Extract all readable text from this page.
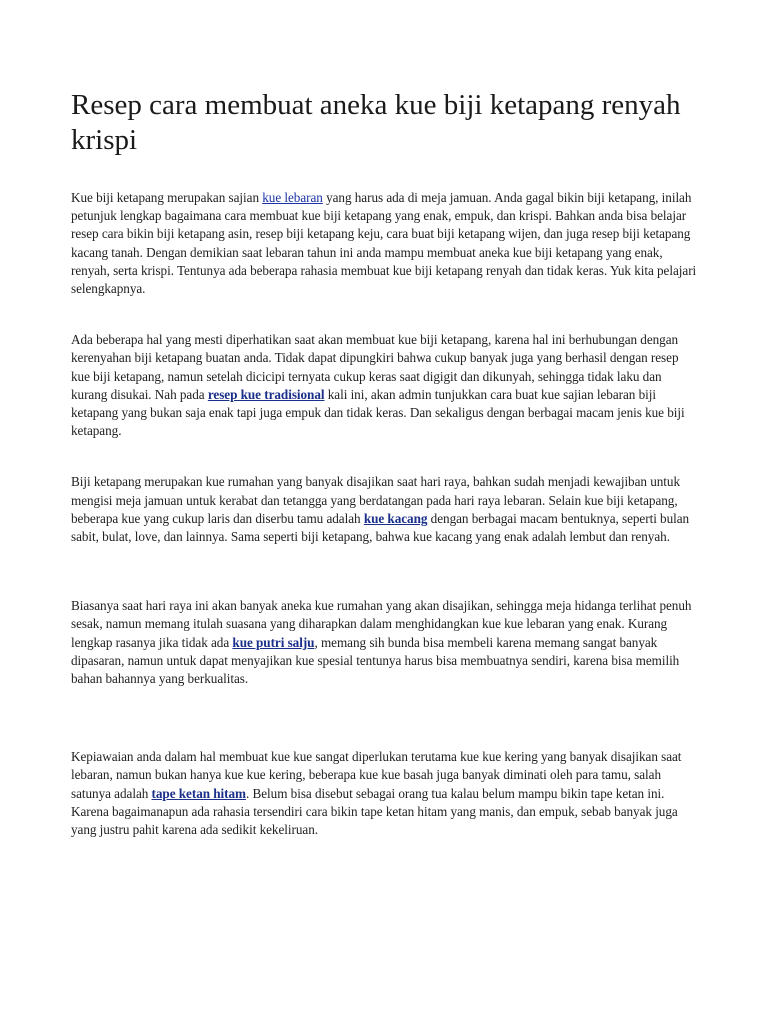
Resep cara membuat aneka kue biji ketapang renyah krispi

Kue biji ketapang merupakan sajian kue lebaran yang harus ada di meja jamuan. Anda gagal bikin biji ketapang, inilah petunjuk lengkap bagaimana cara membuat kue biji ketapang yang enak, empuk, dan krispi. Bahkan anda bisa belajar resep cara bikin biji ketapang asin, resep biji ketapang keju, cara buat biji ketapang wijen, dan juga resep biji ketapang kacang tanah. Dengan demikian saat lebaran tahun ini anda mampu membuat aneka kue biji ketapang yang enak, renyah, serta krispi. Tentunya ada beberapa rahasia membuat kue biji ketapang renyah dan tidak keras. Yuk kita pelajari selengkapnya.

Ada beberapa hal yang mesti diperhatikan saat akan membuat kue biji ketapang, karena hal ini berhubungan dengan kerenyahan biji ketapang buatan anda. Tidak dapat dipungkiri bahwa cukup banyak juga yang berhasil dengan resep kue biji ketapang, namun setelah dicicipi ternyata cukup keras saat digigit dan dikunyah, sehingga tidak laku dan kurang disukai. Nah pada resep kue tradisional kali ini, akan admin tunjukkan cara buat kue sajian lebaran biji ketapang yang bukan saja enak tapi juga empuk dan tidak keras. Dan sekaligus dengan berbagai macam jenis kue biji ketapang.

Biji ketapang merupakan kue rumahan yang banyak disajikan saat hari raya, bahkan sudah menjadi kewajiban untuk mengisi meja jamuan untuk kerabat dan tetangga yang berdatangan pada hari raya lebaran. Selain kue biji ketapang, beberapa kue yang cukup laris dan diserbu tamu adalah kue kacang dengan berbagai macam bentuknya, seperti bulan sabit, bulat, love, dan lainnya. Sama seperti biji ketapang, bahwa kue kacang yang enak adalah lembut dan renyah.

Biasanya saat hari raya ini akan banyak aneka kue rumahan yang akan disajikan, sehingga meja hidanga terlihat penuh sesak, namun memang itulah suasana yang diharapkan dalam menghidangkan kue kue lebaran yang enak. Kurang lengkap rasanya jika tidak ada kue putri salju, memang sih bunda bisa membeli karena memang sangat banyak dipasaran, namun untuk dapat menyajikan kue spesial tentunya harus bisa membuatnya sendiri, karena bisa memilih bahan bahannya yang berkualitas.

Kepiawaian anda dalam hal membuat kue kue sangat diperlukan terutama kue kue kering yang banyak disajikan saat lebaran, namun bukan hanya kue kue kering, beberapa kue kue basah juga banyak diminati oleh para tamu, salah satunya adalah tape ketan hitam. Belum bisa disebut sebagai orang tua kalau belum mampu bikin tape ketan ini. Karena bagaimanapun ada rahasia tersendiri cara bikin tape ketan hitam yang manis, dan empuk, sebab banyak juga yang justru pahit karena ada sedikit kekeliruan.
